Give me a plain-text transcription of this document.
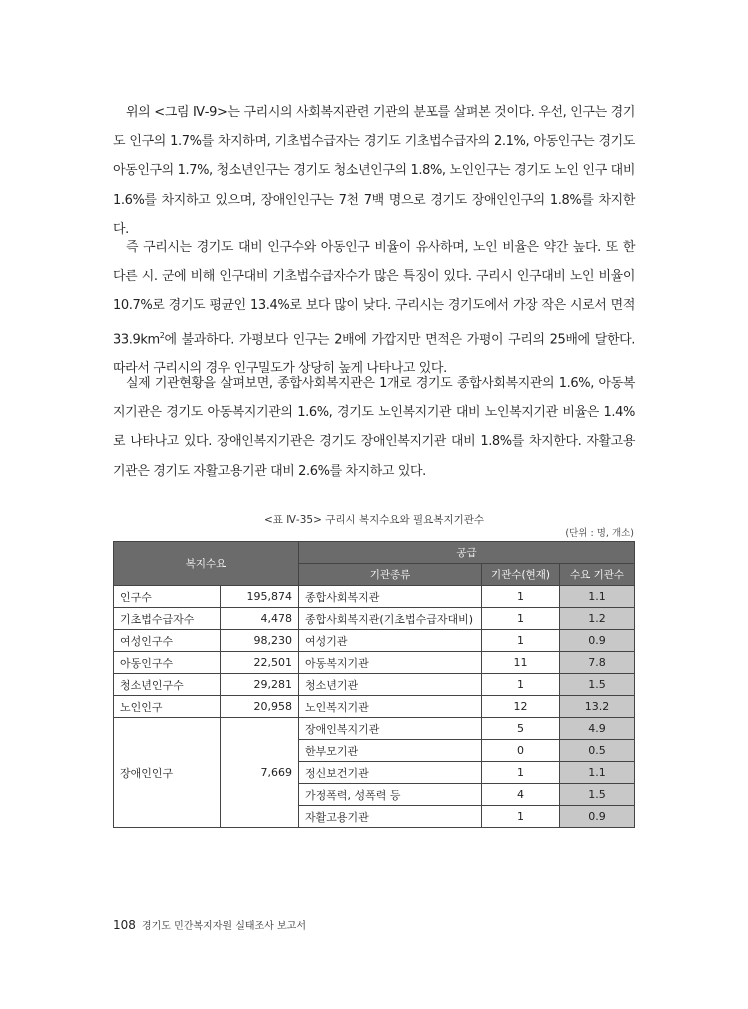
위의 <그림 Ⅳ-9>는 구리시의 사회복지관련 기관의 분포를 살펴본 것이다. 우선, 인구는 경기도 인구의 1.7%를 차지하며, 기초법수급자는 경기도 기초법수급자의 2.1%, 아동인구는 경기도 아동인구의 1.7%, 청소년인구는 경기도 청소년인구의 1.8%, 노인인구는 경기도 노인 인구 대비 1.6%를 차지하고 있으며, 장애인인구는 7천 7백 명으로 경기도 장애인인구의 1.8%를 차지한다.
즉 구리시는 경기도 대비 인구수와 아동인구 비율이 유사하며, 노인 비율은 약간 높다. 또 한 다른 시. 군에 비해 인구대비 기초법수급자수가 많은 특징이 있다. 구리시 인구대비 노인 비율이 10.7%로 경기도 평균인 13.4%로 보다 많이 낮다. 구리시는 경기도에서 가장 작은 시로서 면적 $33.9km^2$에 불과하다. 가평보다 인구는 2배에 가깝지만 면적은 가평이 구리의 25배에 달한다. 따라서 구리시의 경우 인구밀도가 상당히 높게 나타나고 있다.
실제 기관현황을 살펴보면, 종합사회복지관은 1개로 경기도 종합사회복지관의 1.6%, 아동복지기관은 경기도 아동복지기관의 1.6%, 경기도 노인복지기관 대비 노인복지기관 비율은 1.4%로 나타나고 있다. 장애인복지기관은 경기도 장애인복지기관 대비 1.8%를 차지한다. 자활고용기관은 경기도 자활고용기관 대비 2.6%를 차지하고 있다.
<표 Ⅳ-35> 구리시 복지수요와 필요복지기관수
(단위 : 명, 개소)
복지수요		공급		
		기관종류	기관수(현재)	수요 기관수
인구수	195,874	종합사회복지관	1	1.1
기초법수급자수	4,478	종합사회복지관(기초법수급자대비)	1	1.2
여성인구수	98,230	여성기관	1	0.9
아동인구수	22,501	아동복지기관	11	7.8
청소년인구수	29,281	청소년기관	1	1.5
노인인구	20,958	노인복지기관	12	13.2
장애인인구	7,669	장애인복지기관	5	4.9
		한부모기관	0	0.5
		정신보건기관	1	1.1
		가정폭력, 성폭력 등	4	1.5
		자활고용기관	1	0.9
108 경기도 민간복지자원 실태조사 보고서
